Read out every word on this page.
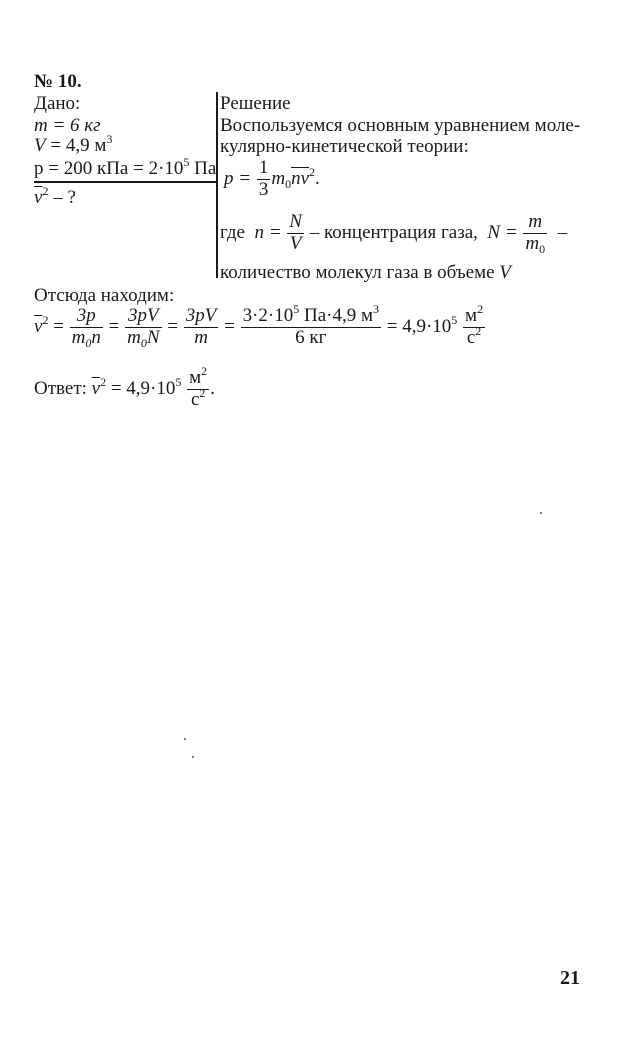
№ 10.
Дано:
m = 6 кг
V = 4,9 $м^3$
p = 200 кПа = $2\cdot 10^5$ Па
$\overline{v}^2$ – ?
Решение
Воспользуемся основным уравнением моле-
кулярно-кинетической теории:
$p = \frac{1}{3} m_0\overline{nv}^2$.
где $n = \frac{N}{V}$ – концентрация газа, $N = \frac{m}{m_0}$ –
количество молекул газа в объеме V
Отсюда находим:
$\overline{v}^2 = \frac{3p}{m_0n} = \frac{3pV}{m_0N} = \frac{3pV}{m} = \frac{3\cdot 2\cdot 10^5 Па\cdot 4,9 м^3}{6 кг} = 4,9\cdot 10^5 \frac{м^2}{с^2}$
Ответ: $\overline{v}^2 = 4,9\cdot 10^5 \frac{м^2}{с^2}$ .
21
